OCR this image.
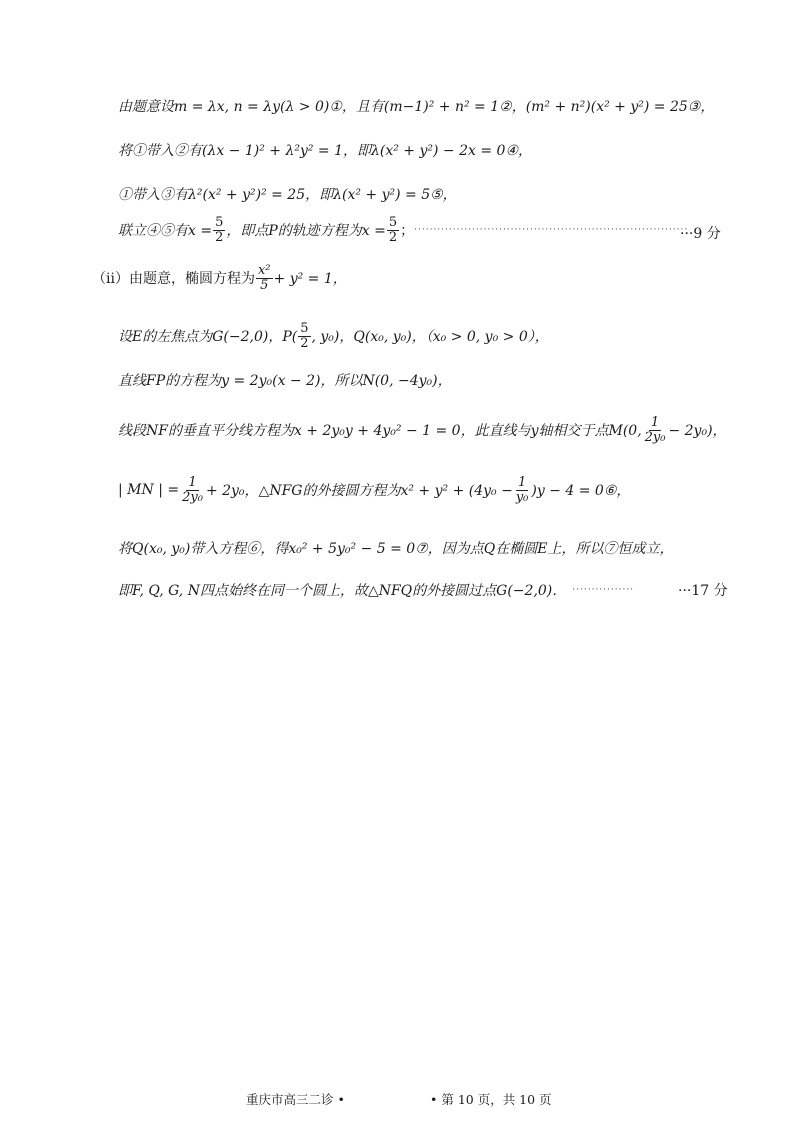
由题意设m = λx, n = λy(λ > 0)①，且有(m−1)² + n² = 1②，(m² + n²)(x² + y²) = 25③，
将①带入②有(λx − 1)² + λ²y² = 1，即λ(x² + y²) − 2x = 0④，
①带入③有λ²(x² + y²)² = 25，即λ(x² + y²) = 5⑤，
联立④⑤有$x = \frac{5}{2}$ ，即点P的轨迹方程为$x = \frac{5}{2}$ ； ·······································································
···9 分
（ii）由题意，椭圆方程为 $\frac{\text{x²}}{5} + y^2 = 1$，
设E的左焦点为G(−2,0)，$P( \frac{5}{2}$ , y₀)，Q(x₀, y₀)，（x₀ > 0, y₀ > 0），
直线FP的方程为y = 2y₀(x − 2)，所以N(0, −4y₀)，
线段NF的垂直平分线方程为x + 2y₀y + 4y₀² − 1 = 0，此直线与y轴相交于点M(0, $\frac{1}{\text{2y₀}} - 2y_0$)，
| MN | = $\frac{1}{\text{2y₀}} + 2y_0$，△NFG的外接圆方程为$x^2 + y^2 + (4y_0 - \frac{1}{\text{y₀}} )y - 4$ = 0⑥，
将Q(x₀, y₀)带入方程⑥，得x₀² + 5y₀² − 5 = 0⑦，因为点Q在椭圆E上，所以⑦恒成立，
即F, Q, G, N四点始终在同一个圆上，故△NFQ的外接圆过点G(−2,0)． ················	···17 分
重庆市高三二诊 •	• 第 10 页，共 10 页
